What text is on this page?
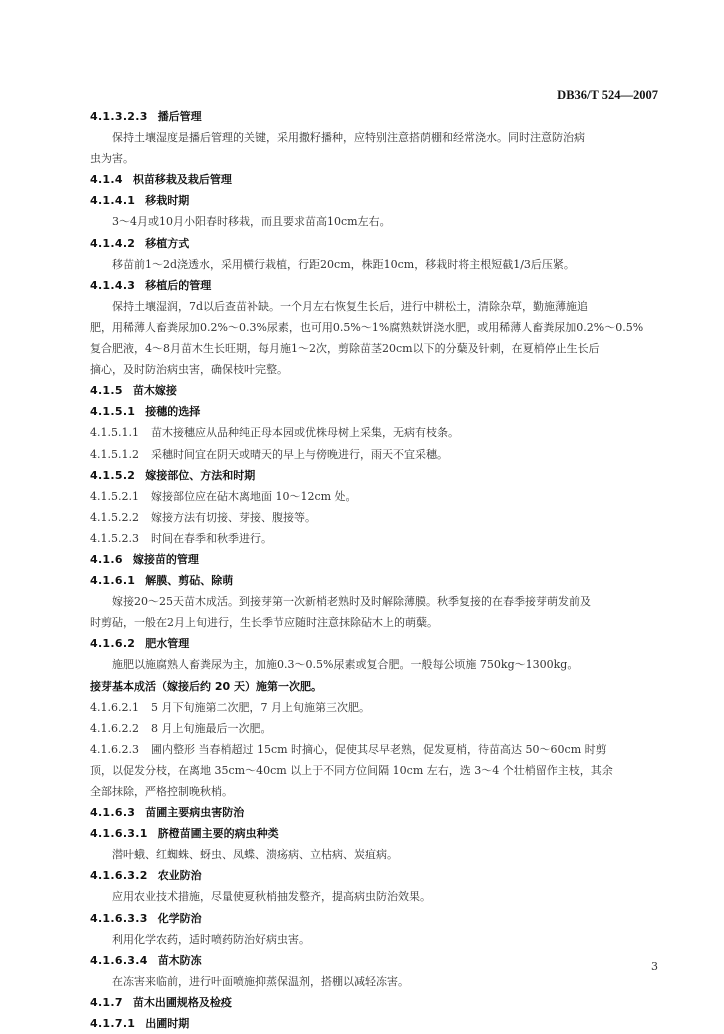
DB36/T 524—2007
4.1.3.2.3 播后管理
保持土壤湿度是播后管理的关键，采用撒籽播种，应特别注意搭荫棚和经常浇水。同时注意防治病
虫为害。
4.1.4 枳苗移栽及栽后管理
4.1.4.1 移栽时期
3～4月或10月小阳春时移栽，而且要求苗高10cm左右。
4.1.4.2 移植方式
移苗前1～2d浇透水，采用横行栽植，行距20cm，株距10cm，移栽时将主根短截1/3后压紧。
4.1.4.3 移植后的管理
保持土壤湿润，7d以后查苗补缺。一个月左右恢复生长后，进行中耕松土，清除杂草，勤施薄施追
肥，用稀薄人畜粪尿加0.2%～0.3%尿素，也可用0.5%～1%腐熟麸饼浇水肥，或用稀薄人畜粪尿加0.2%～0.5%
复合肥液，4～8月苗木生长旺期，每月施1～2次，剪除苗茎20cm以下的分蘖及针刺，在夏梢停止生长后
摘心，及时防治病虫害，确保枝叶完整。
4.1.5 苗木嫁接
4.1.5.1 接穗的选择
4.1.5.1.1 苗木接穗应从品种纯正母本园或优株母树上采集，无病有枝条。
4.1.5.1.2 采穗时间宜在阴天或晴天的早上与傍晚进行，雨天不宜采穗。
4.1.5.2 嫁接部位、方法和时期
4.1.5.2.1 嫁接部位应在砧木离地面 10～12cm 处。
4.1.5.2.2 嫁接方法有切接、芽接、腹接等。
4.1.5.2.3 时间在春季和秋季进行。
4.1.6 嫁接苗的管理
4.1.6.1 解膜、剪砧、除萌
嫁接20～25天苗木成活。到接芽第一次新梢老熟时及时解除薄膜。秋季复接的在春季接芽萌发前及
时剪砧，一般在2月上旬进行，生长季节应随时注意抹除砧木上的萌蘖。
4.1.6.2 肥水管理
施肥以施腐熟人畜粪尿为主，加施0.3～0.5%尿素或复合肥。一般每公顷施 750kg～1300kg。
接芽基本成活（嫁接后约 20 天）施第一次肥。
4.1.6.2.1 5 月下旬施第二次肥，7 月上旬施第三次肥。
4.1.6.2.2 8 月上旬施最后一次肥。
4.1.6.2.3 圃内整形 当春梢超过 15cm 时摘心，促使其尽早老熟，促发夏梢，待苗高达 50～60cm 时剪
顶，以促发分枝，在离地 35cm～40cm 以上于不同方位间隔 10cm 左右，选 3～4 个壮梢留作主枝，其余
全部抹除，严格控制晚秋梢。
4.1.6.3 苗圃主要病虫害防治
4.1.6.3.1 脐橙苗圃主要的病虫种类
潜叶蛾、红蜘蛛、蚜虫、凤蝶、溃疡病、立枯病、炭疽病。
4.1.6.3.2 农业防治
应用农业技术措施，尽量使夏秋梢抽发整齐，提高病虫防治效果。
4.1.6.3.3 化学防治
利用化学农药，适时喷药防治好病虫害。
4.1.6.3.4 苗木防冻
在冻害来临前，进行叶面喷施抑蒸保温剂，搭棚以减轻冻害。
4.1.7 苗木出圃规格及检疫
4.1.7.1 出圃时期
3
